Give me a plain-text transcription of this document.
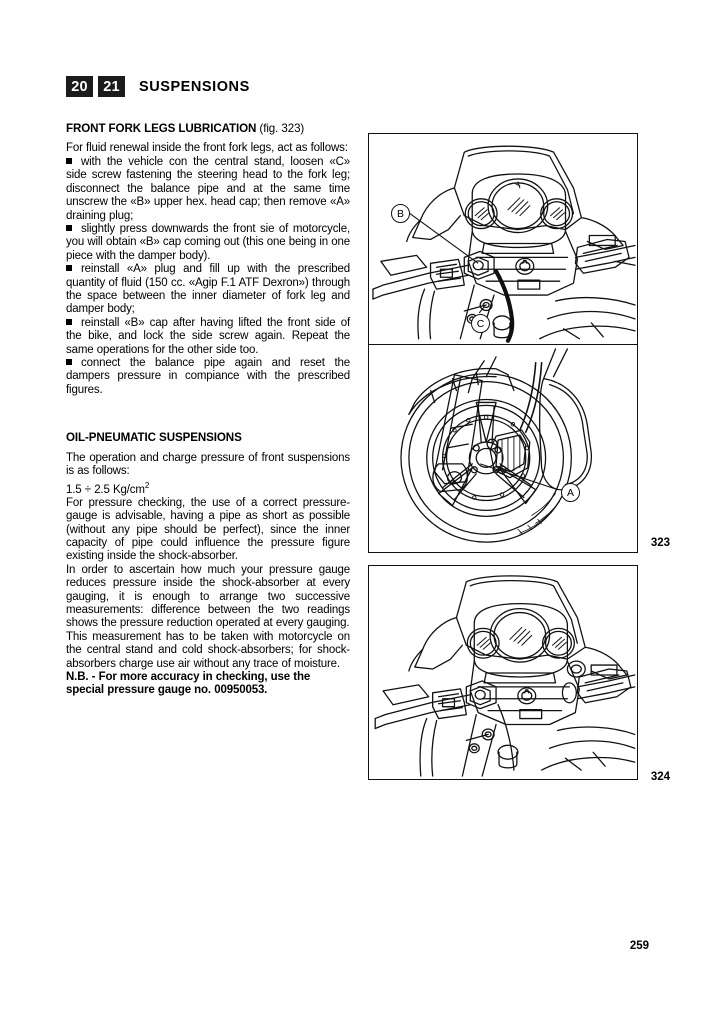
20	21	SUSPENSIONS
FRONT FORK LEGS LUBRICATION (fig. 323)

For fluid renewal inside the front fork legs, act as follows:

with the vehicle con the central stand, loosen «C» side screw fastening the steering head to the fork leg; disconnect the balance pipe and at the same time unscrew the «B» upper hex. head cap; then remove «A» draining plug;

slightly press downwards the front sie of motorcycle, you will obtain «B» cap coming out (this one being in one piece with the damper body).

reinstall «A» plug and fill up with the prescribed quantity of fluid (150 cc. «Agip F.1 ATF Dexron») through the space between the inner diameter of fork leg and damper body;

reinstall «B» cap after having lifted the front side of the bike, and lock the side screw again. Repeat the same operations for the other side too.

connect the balance pipe again and reset the dampers pressure in compiance with the prescribed figures.

OIL-PNEUMATIC SUSPENSIONS

The operation and charge pressure of front suspensions is as follows:

1.5 ÷ 2.5 $Kg/cm^2$

For pressure checking, the use of a correct pressure-gauge is advisable, having a pipe as short as possible (without any pipe should be perfect), since the inner capacity of pipe could influence the pressure figure existing inside the shock-absorber.

In order to ascertain how much your pressure gauge reduces pressure inside the shock-absorber at every gauging, it is enough to arrange two successive measurements: difference between the two readings shows the pressure reduction operated at every gauging.

This measurement has to be taken with motorcycle on the central stand and cold shock-absorbers; for shock-absorbers charge use air without any trace of moisture.

N.B. - For more accuracy in checking, use the special pressure gauge no. 00950053.

B
C
A
323
324
259
